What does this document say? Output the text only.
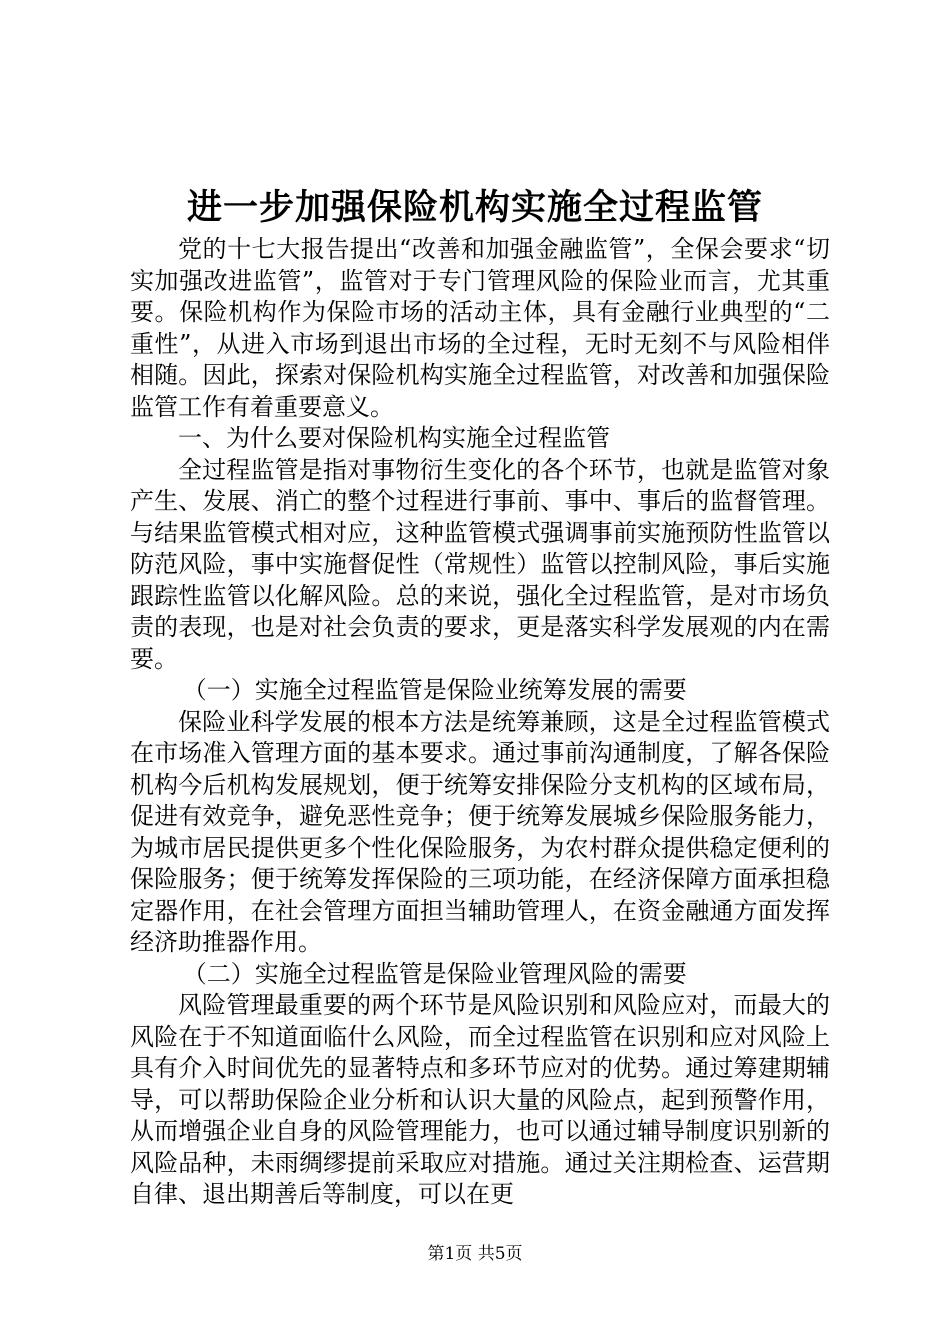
进一步加强保险机构实施全过程监管

党的十七大报告提出“改善和加强金融监管”，全保会要求“切实加强改进监管”，监管对于专门管理风险的保险业而言，尤其重要。保险机构作为保险市场的活动主体，具有金融行业典型的“二重性”，从进入市场到退出市场的全过程，无时无刻不与风险相伴相随。因此，探索对保险机构实施全过程监管，对改善和加强保险监管工作有着重要意义。

一、为什么要对保险机构实施全过程监管

全过程监管是指对事物衍生变化的各个环节，也就是监管对象产生、发展、消亡的整个过程进行事前、事中、事后的监督管理。与结果监管模式相对应，这种监管模式强调事前实施预防性监管以防范风险，事中实施督促性（常规性）监管以控制风险，事后实施跟踪性监管以化解风险。总的来说，强化全过程监管，是对市场负责的表现，也是对社会负责的要求，更是落实科学发展观的内在需要。

（一）实施全过程监管是保险业统筹发展的需要

保险业科学发展的根本方法是统筹兼顾，这是全过程监管模式在市场准入管理方面的基本要求。通过事前沟通制度，了解各保险机构今后机构发展规划，便于统筹安排保险分支机构的区域布局，促进有效竞争，避免恶性竞争；便于统筹发展城乡保险服务能力，为城市居民提供更多个性化保险服务，为农村群众提供稳定便利的保险服务；便于统筹发挥保险的三项功能，在经济保障方面承担稳定器作用，在社会管理方面担当辅助管理人，在资金融通方面发挥经济助推器作用。

（二）实施全过程监管是保险业管理风险的需要

风险管理最重要的两个环节是风险识别和风险应对，而最大的风险在于不知道面临什么风险，而全过程监管在识别和应对风险上具有介入时间优先的显著特点和多环节应对的优势。通过筹建期辅导，可以帮助保险企业分析和认识大量的风险点，起到预警作用，从而增强企业自身的风险管理能力，也可以通过辅导制度识别新的风险品种，未雨绸缪提前采取应对措施。通过关注期检查、运营期自律、退出期善后等制度，可以在更

第1页 共5页
